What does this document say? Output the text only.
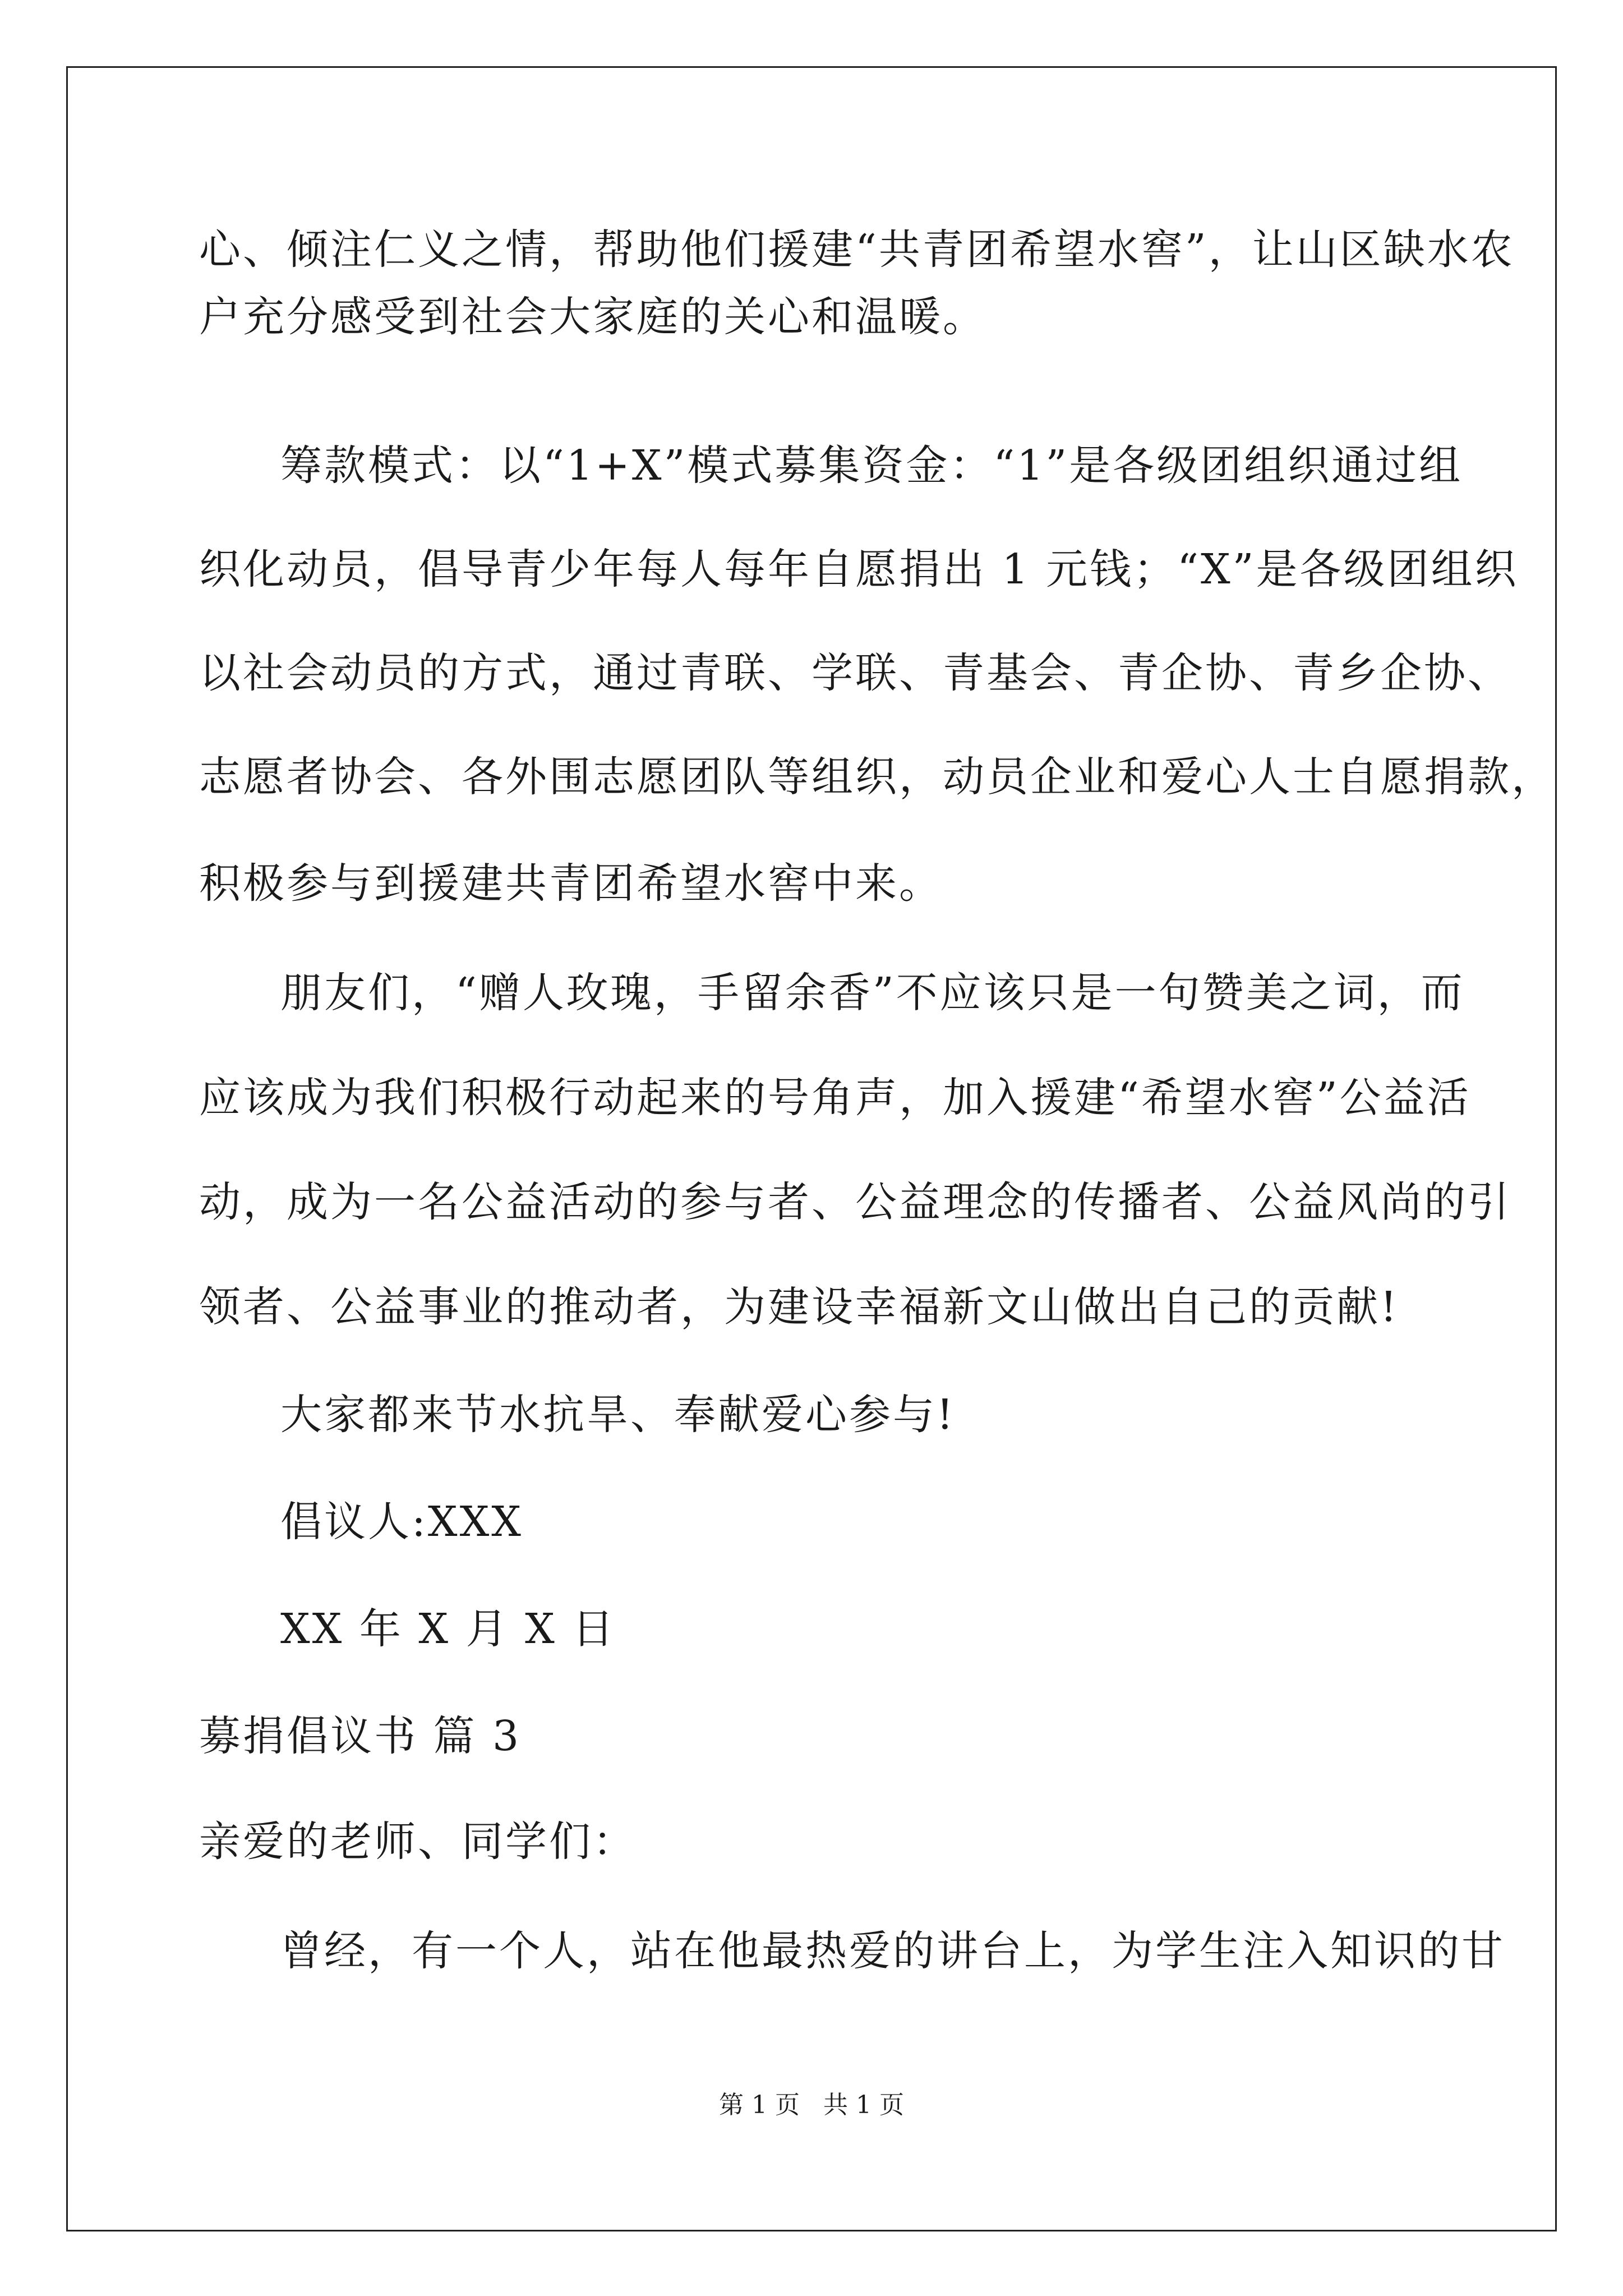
心、倾注仁义之情，帮助他们援建“共青团希望水窖”，让山区缺水农
户充分感受到社会大家庭的关心和温暖。
筹款模式：以“1+X”模式募集资金：“1”是各级团组织通过组
织化动员，倡导青少年每人每年自愿捐出 1 元钱；“X”是各级团组织
以社会动员的方式，通过青联、学联、青基会、青企协、青乡企协、
志愿者协会、各外围志愿团队等组织，动员企业和爱心人士自愿捐款，
积极参与到援建共青团希望水窖中来。
朋友们，“赠人玫瑰，手留余香”不应该只是一句赞美之词，而
应该成为我们积极行动起来的号角声，加入援建“希望水窖”公益活
动，成为一名公益活动的参与者、公益理念的传播者、公益风尚的引
领者、公益事业的推动者，为建设幸福新文山做出自己的贡献!
大家都来节水抗旱、奉献爱心参与!
倡议人:XXX
XX 年 X 月 X 日
募捐倡议书 篇 3
亲爱的老师、同学们：
曾经，有一个人，站在他最热爱的讲台上，为学生注入知识的甘
第 1 页 共 1 页
